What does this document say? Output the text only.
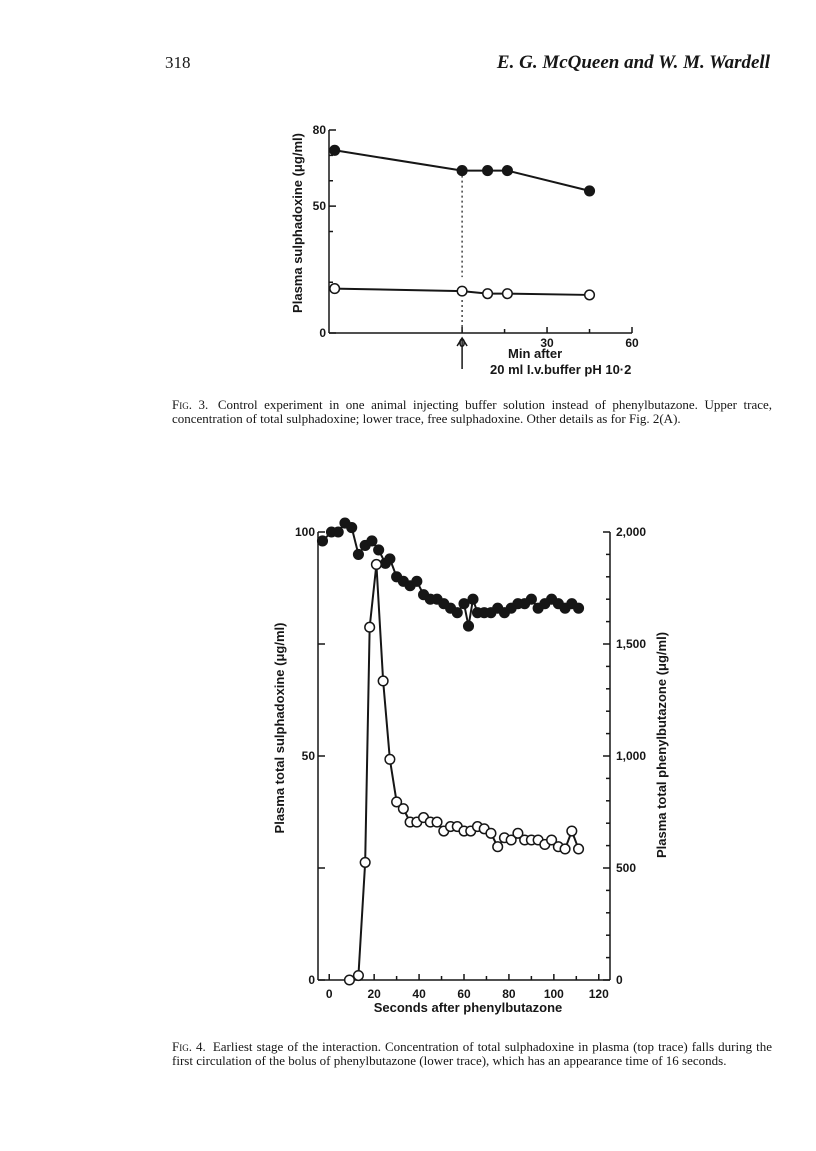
318	E. G. McQueen and W. M. Wardell
80
50
0
0	30	60
Plasma sulphadoxine (μg/ml)
Min after
20 ml I.v.buffer pH 10·2
Fig. 3. Control experiment in one animal injecting buffer solution instead of phenylbutazone. Upper trace, concentration of total sulphadoxine; lower trace, free sulphadoxine. Other details as for Fig. 2(A).
100
50
0
2,000
1,500
1,000
500
0
0	20	40	60	80 100 120
Plasma total sulphadoxine (μg/ml)	Plasma total phenylbutazone (μg/ml)
Seconds after phenylbutazone
Fig. 4. Earliest stage of the interaction. Concentration of total sulphadoxine in plasma (top trace) falls during the first circulation of the bolus of phenylbutazone (lower trace), which has an appearance time of 16 seconds.
